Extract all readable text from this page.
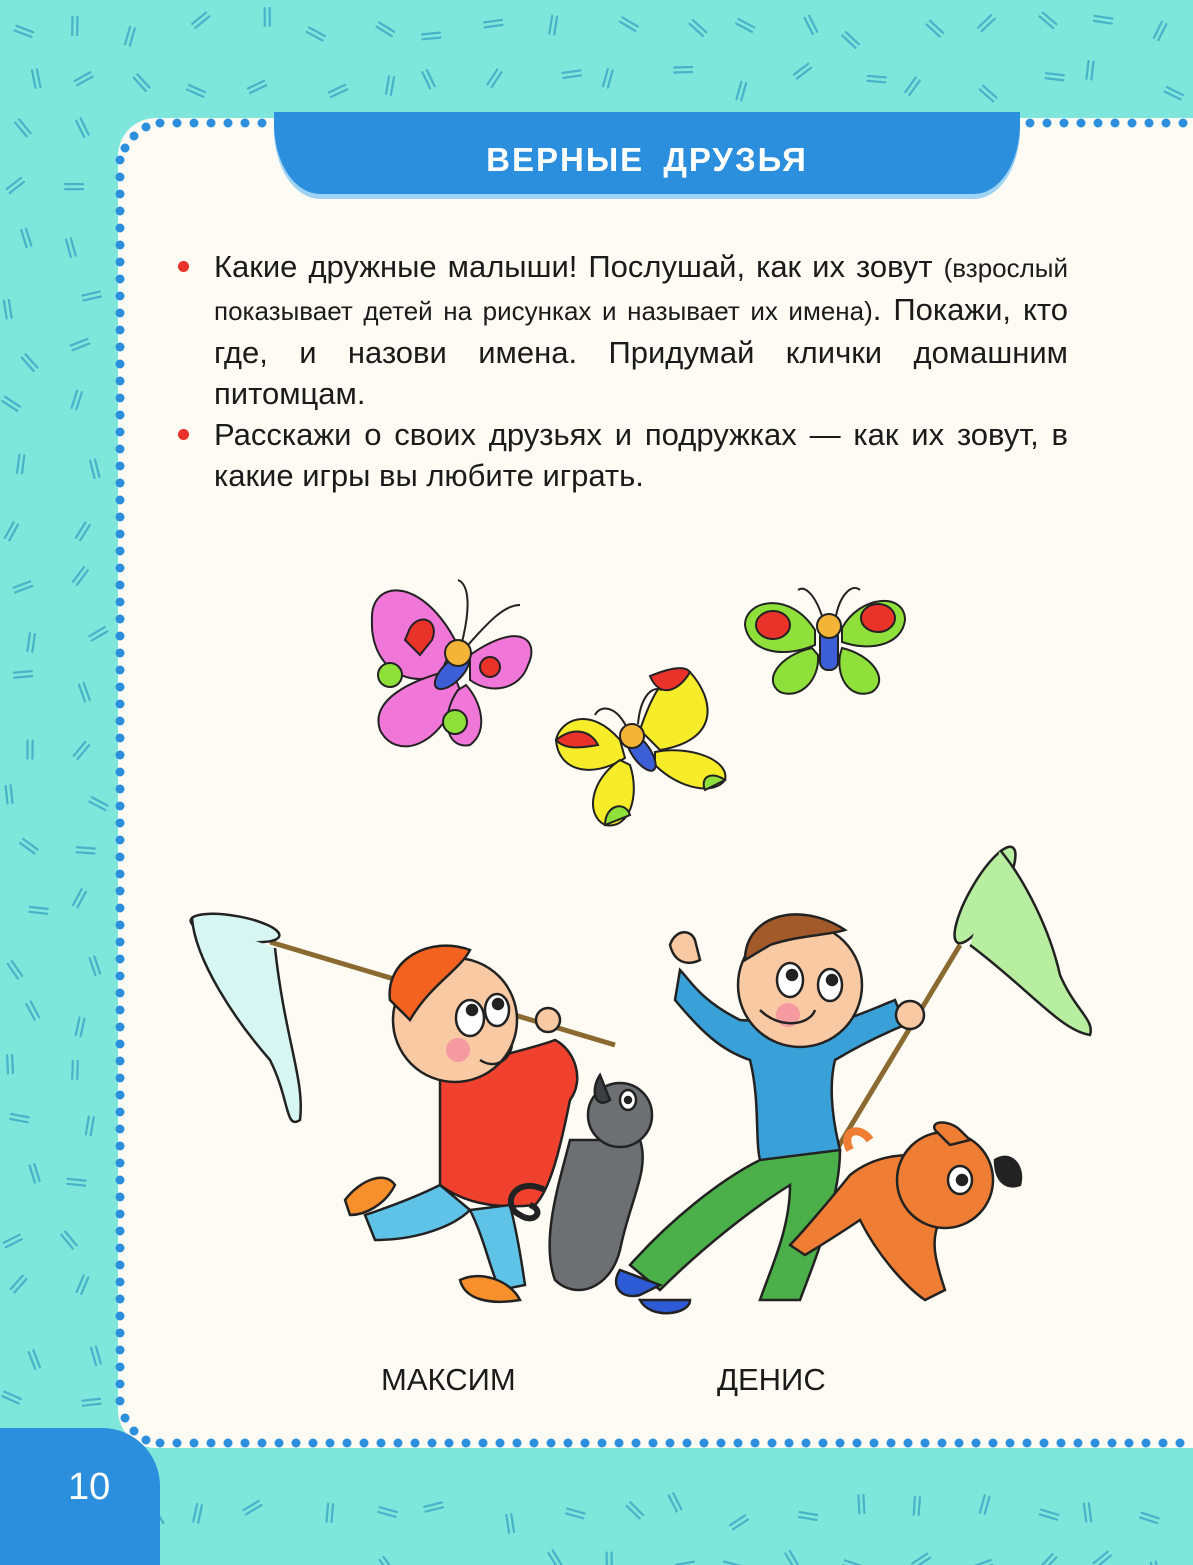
ВЕРНЫЕ ДРУЗЬЯ
Какие дружные малыши! Послушай, как их зовут (взрослый показывает детей на рисунках и называет их имена). Покажи, кто где, и назови имена. Придумай клички домашним питомцам.
Расскажи о своих друзьях и подружках — как их зовут, в какие игры вы любите играть.
МАКСИМ	ДЕНИС
10
